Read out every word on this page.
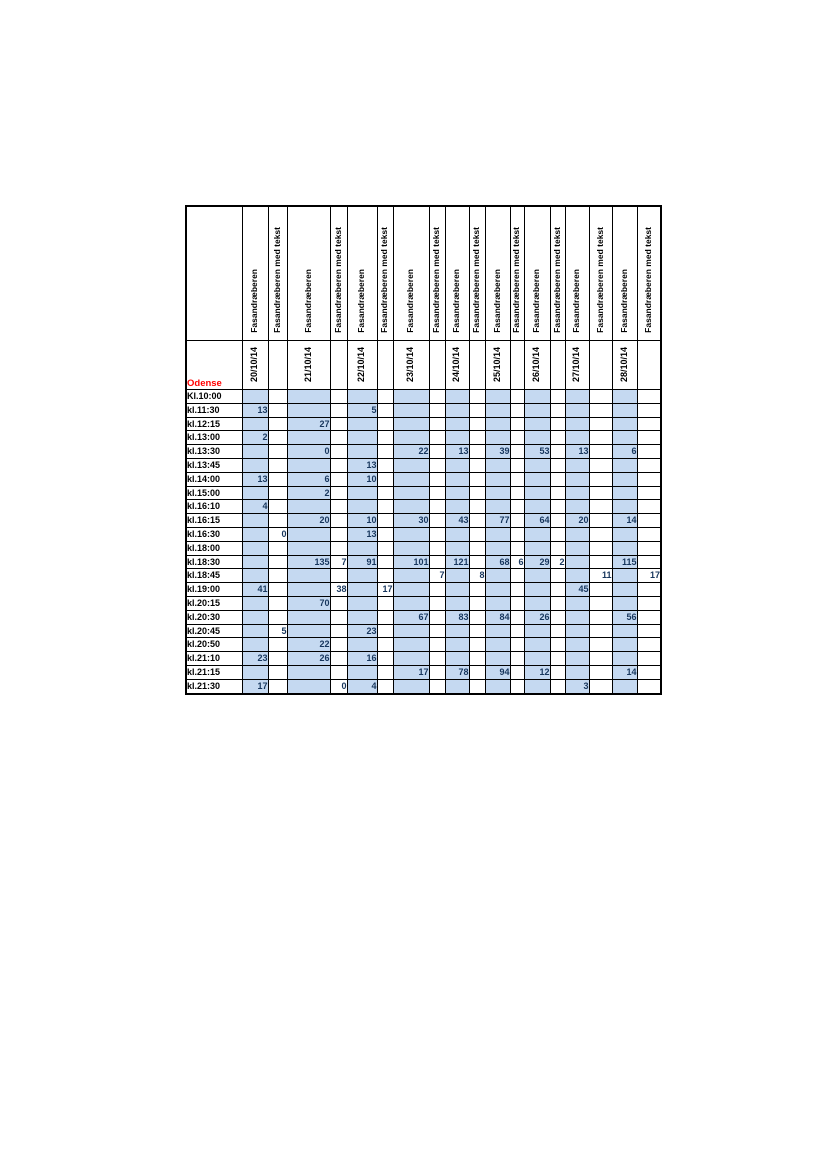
	Fasandræberen	Fasandræberen med tekst	Fasandræberen	Fasandræberen med tekst	Fasandræberen	Fasandræberen med tekst	Fasandræberen	Fasandræberen med tekst	Fasandræberen	Fasandræberen med tekst	Fasandræberen	Fasandræberen med tekst	Fasandræberen	Fasandræberen med tekst	Fasandræberen	Fasandræberen med tekst	Fasandræberen	Fasandræberen med tekst
Odense	20/10/14		21/10/14		22/10/14		23/10/14		24/10/14		25/10/14		26/10/14		27/10/14		28/10/14	
Kl.10:00																		
kl.11:30	13				5													
kl.12:15			27															
kl.13:00	2																	
kl.13:30			0				22		13		39		53		13		6	
kl.13:45					13													
kl.14:00	13		6		10													
kl.15:00			2															
kl.16:10	4																	
kl.16:15			20		10		30		43		77		64		20		14	
kl.16:30		0			13													
kl.18:00																		
kl.18:30			135	7	91		101		121		68	6	29	2			115	
kl.18:45								7		8						11		17
kl.19:00	41			38		17									45			
kl.20:15			70															
kl.20:30							67		83		84		26				56	
kl.20:45		5			23													
kl.20:50			22															
kl.21:10	23		26		16													
kl.21:15							17		78		94		12				14	
kl.21:30	17			0	4										3			
